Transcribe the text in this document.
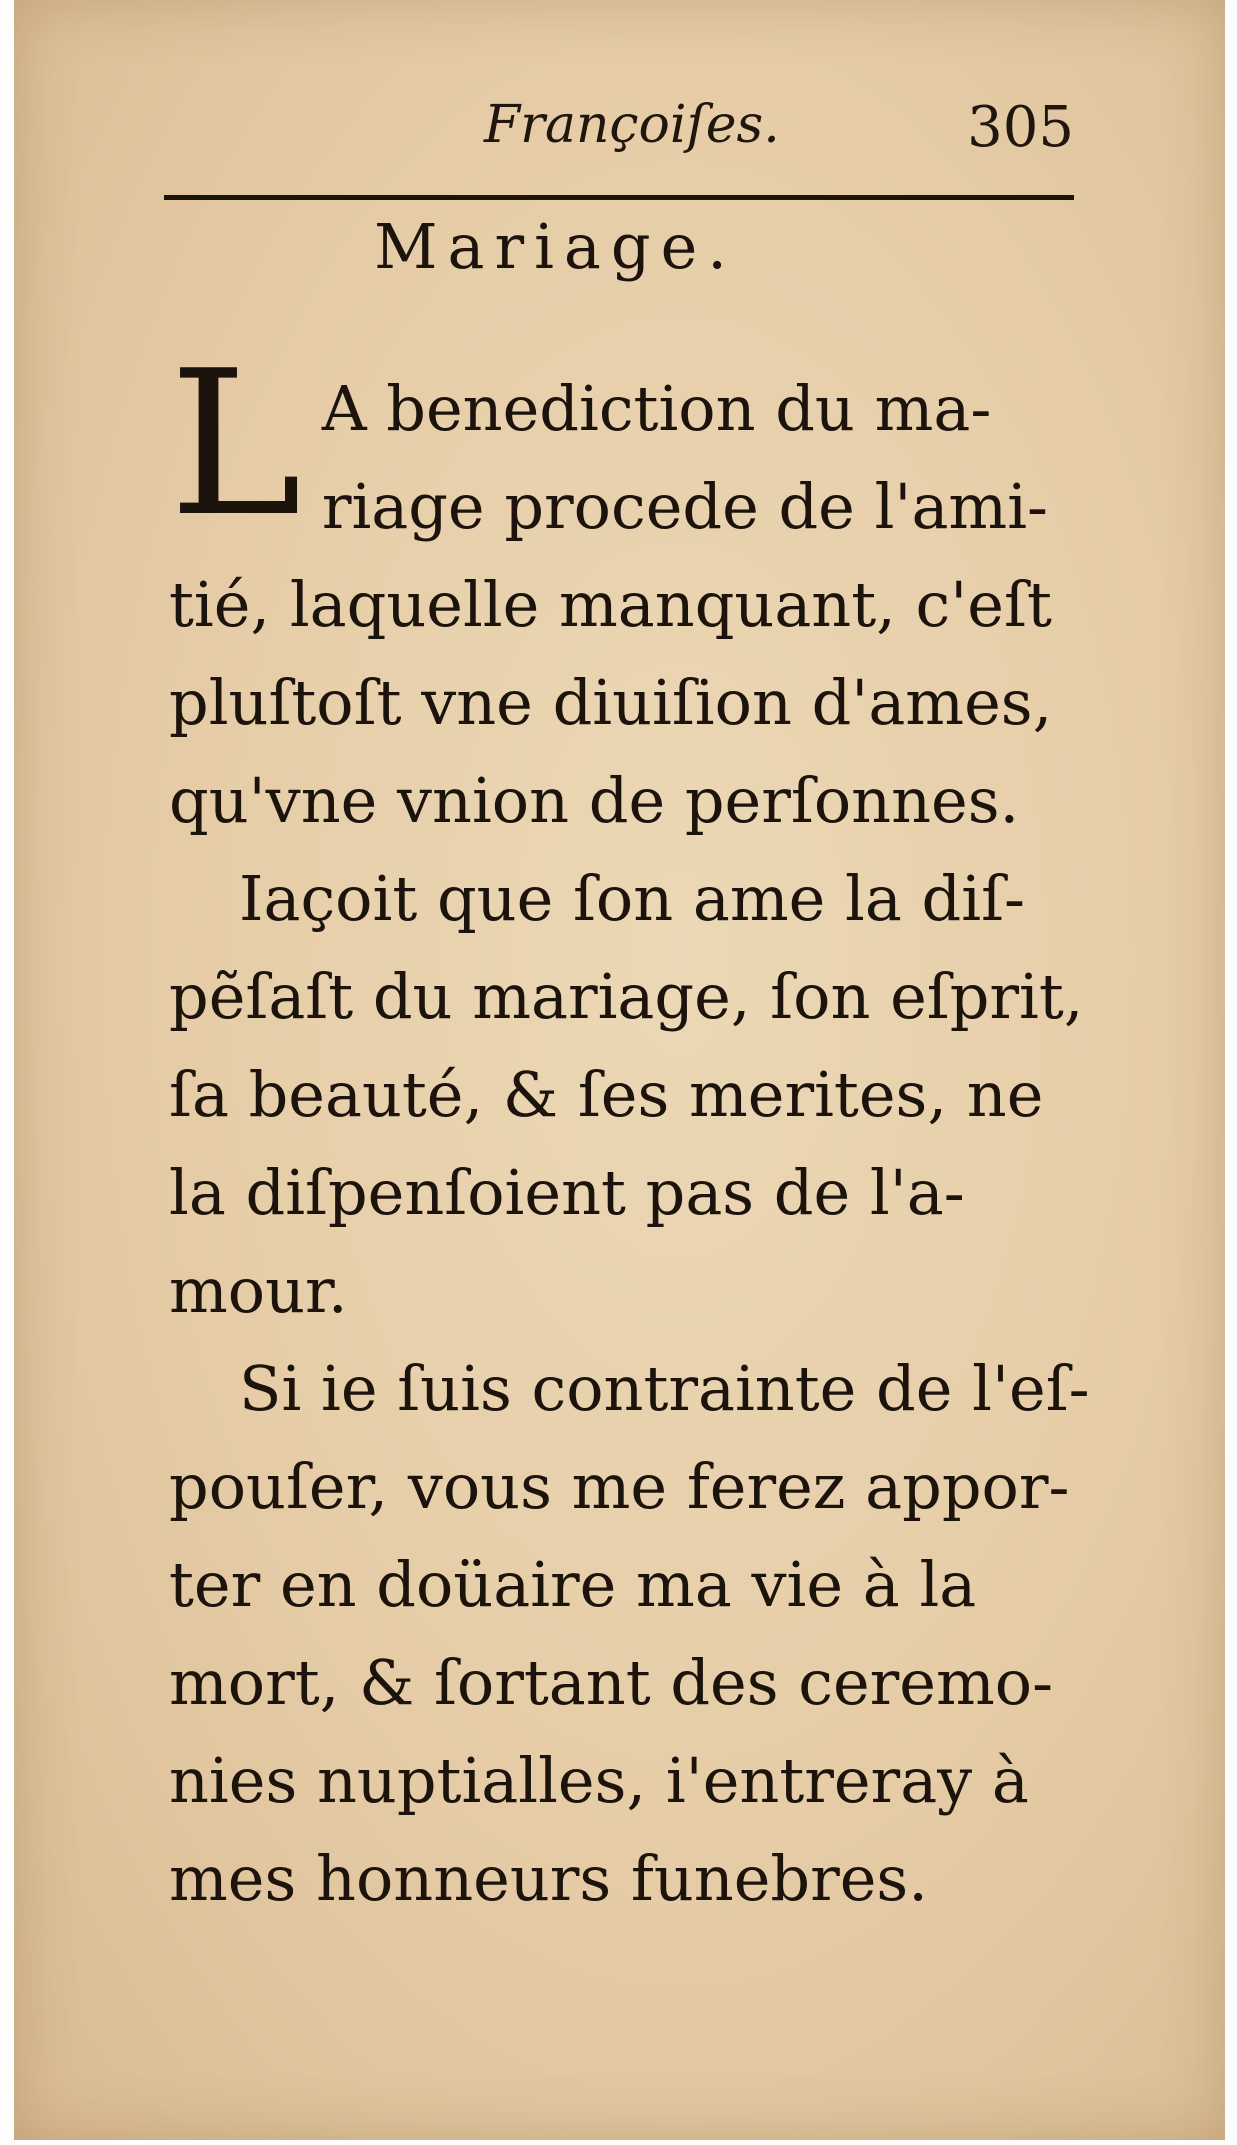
Françoiſes.	305
Mariage.
L A benediction du ma-
riage procede de l'ami-
tié, laquelle manquant, c'eſt
pluſtoſt vne diuiſion d'ames,
qu'vne vnion de perſonnes.
Iaçoit que ſon ame la diſ-
pẽſaſt du mariage, ſon eſprit,
ſa beauté, & ſes merites, ne
la diſpenſoient pas de l'a-
mour.
Si ie ſuis contrainte de l'eſ-
pouſer, vous me ferez appor-
ter en doüaire ma vie à la
mort, & ſortant des ceremo-
nies nuptialles, i'entreray à
mes honneurs funebres.
